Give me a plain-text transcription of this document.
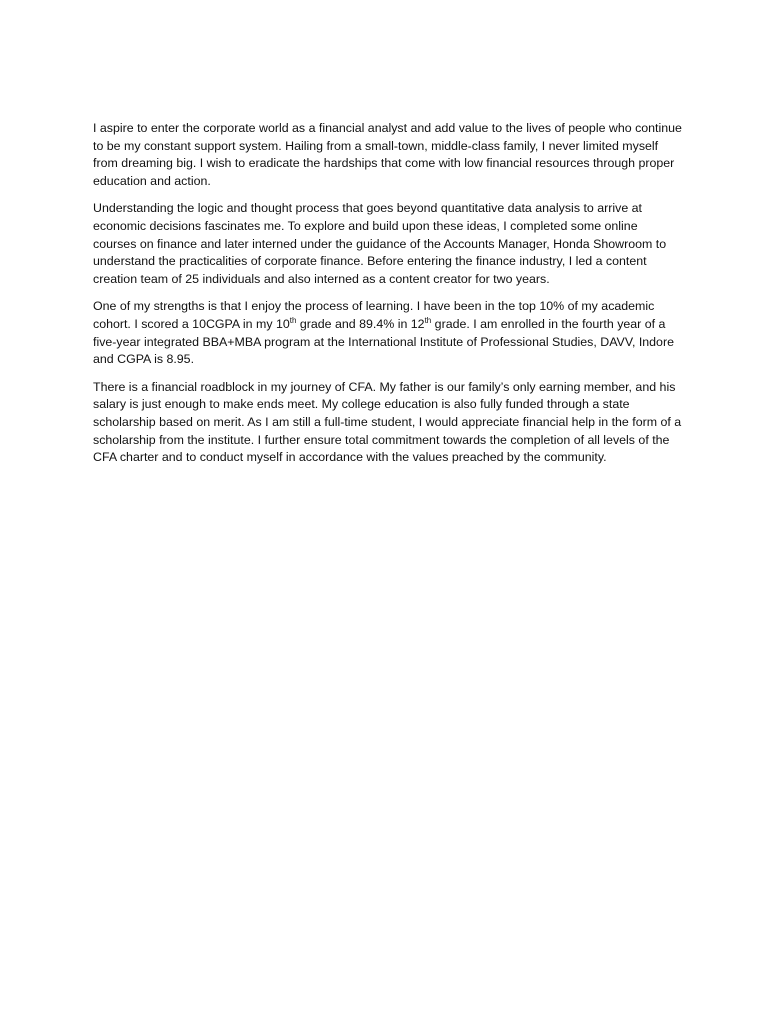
I aspire to enter the corporate world as a financial analyst and add value to the lives of people who continue to be my constant support system. Hailing from a small-town, middle-class family, I never limited myself from dreaming big. I wish to eradicate the hardships that come with low financial resources through proper education and action.

Understanding the logic and thought process that goes beyond quantitative data analysis to arrive at economic decisions fascinates me. To explore and build upon these ideas, I completed some online courses on finance and later interned under the guidance of the Accounts Manager, Honda Showroom to understand the practicalities of corporate finance. Before entering the finance industry, I led a content creation team of 25 individuals and also interned as a content creator for two years.

One of my strengths is that I enjoy the process of learning. I have been in the top 10% of my academic cohort. I scored a 10CGPA in my 10th grade and 89.4% in 12th grade. I am enrolled in the fourth year of a five-year integrated BBA+MBA program at the International Institute of Professional Studies, DAVV, Indore and CGPA is 8.95.

There is a financial roadblock in my journey of CFA. My father is our family’s only earning member, and his salary is just enough to make ends meet. My college education is also fully funded through a state scholarship based on merit. As I am still a full-time student, I would appreciate financial help in the form of a scholarship from the institute. I further ensure total commitment towards the completion of all levels of the CFA charter and to conduct myself in accordance with the values preached by the community.
